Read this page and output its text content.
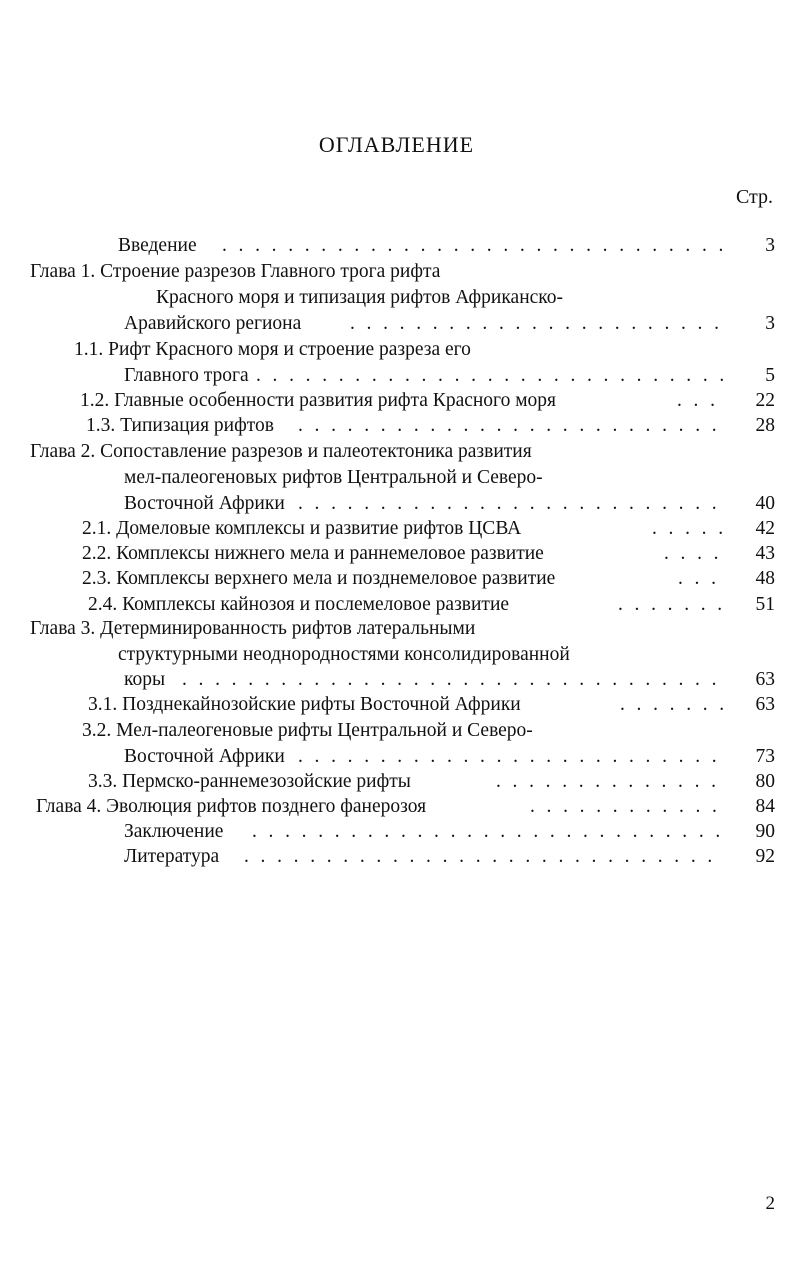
ОГЛАВЛЕНИЕ
Стр.
Введение . . .	3
Глава 1. Строение разрезов Главного трога рифта
Красного моря и типизация рифтов Африканско-
Аравийского региона . . .	3
1.1. Рифт Красного моря и строение разреза его
Главного трога . . .	5
1.2. Главные особенности развития рифта Красного моря . . .	22
1.3. Типизация рифтов . . .	28
Глава 2. Сопоставление разрезов и палеотектоника развития
мел-палеогеновых рифтов Центральной и Северо-
Восточной Африки . . .	40
2.1. Домеловые комплексы и развитие рифтов ЦСВА . . .	42
2.2. Комплексы нижнего мела и раннемеловое развитие . . .	43
2.3. Комплексы верхнего мела и позднемеловое развитие . . .	48
2.4. Комплексы кайнозоя и послемеловое развитие . . .	51
Глава 3. Детерминированность рифтов латеральными
структурными неоднородностями консолидированной
коры . . .	63
3.1. Позднекайнозойские рифты Восточной Африки . . .	63
3.2. Мел-палеогеновые рифты Центральной и Северо-
Восточной Африки . . .	73
3.3. Пермско-раннемезозойские рифты . . .	80
Глава 4. Эволюция рифтов позднего фанерозоя . . .	84
Заключение . . .	90
Литература . . .	92
2
